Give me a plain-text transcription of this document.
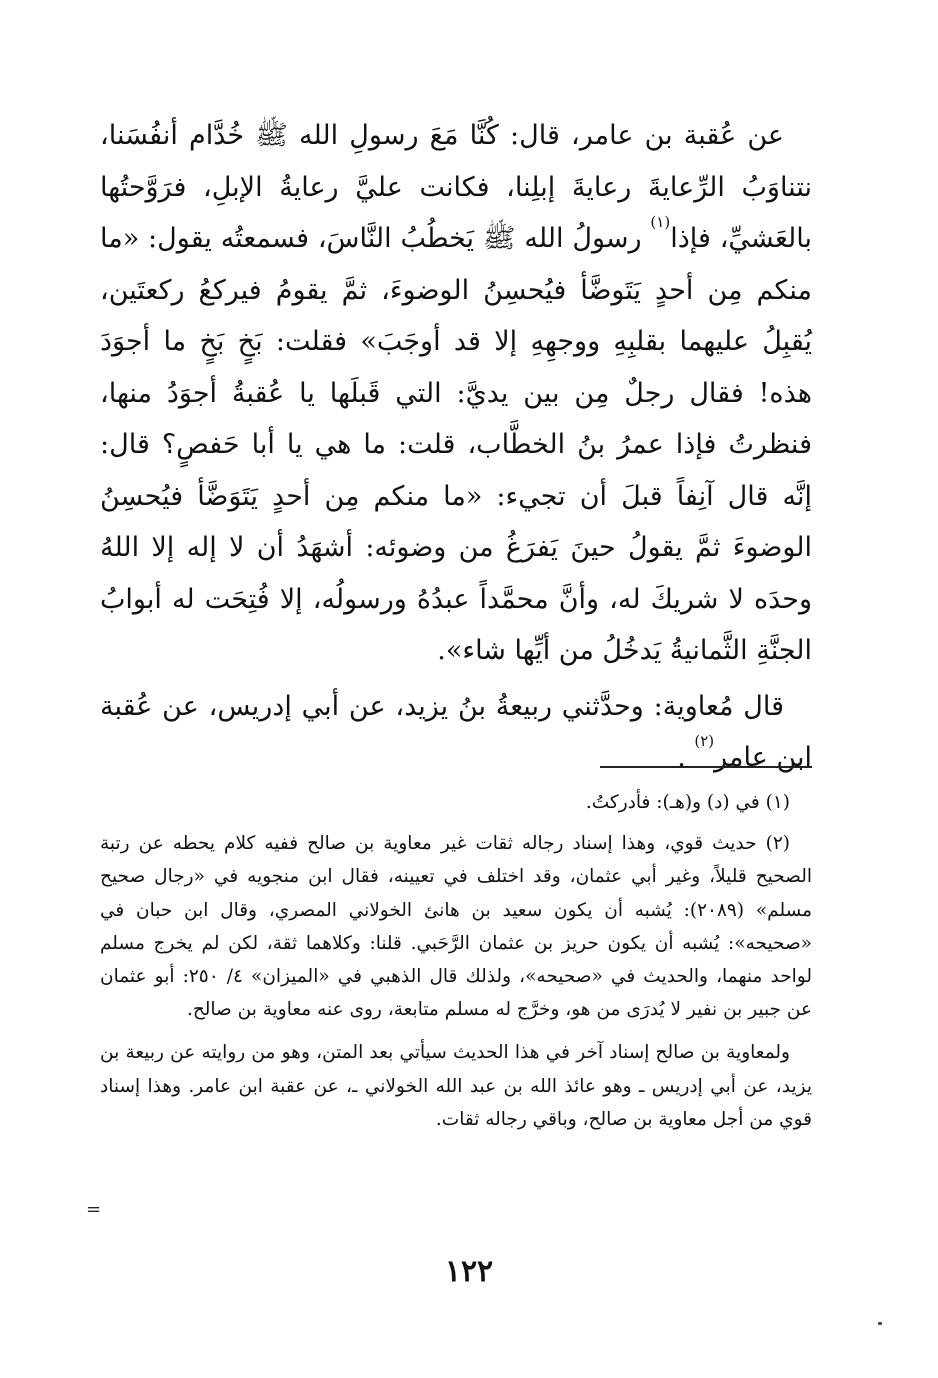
عن عُقبة بن عامر، قال: كُنَّا مَعَ رسولِ الله ﷺ خُدَّام أنفُسَنا، نتناوَبُ الرِّعايةَ رعايةَ إبلِنا، فكانت عليَّ رعايةُ الإبلِ، فرَوَّحتُها بالعَشيِّ، فإذا$^{(١)}$ رسولُ الله ﷺ يَخطُبُ النَّاسَ، فسمعتُه يقول: «ما منكم مِن أحدٍ يَتَوضَّأ فيُحسِنُ الوضوءَ، ثمَّ يقومُ فيركعُ ركعتَين، يُقبِلُ عليهما بقلبِهِ ووجهِهِ إلا قد أوجَبَ» فقلت: بَخٍ بَخٍ ما أجوَدَ هذه! فقال رجلٌ مِن بين يديَّ: التي قَبلَها يا عُقبةُ أجوَدُ منها، فنظرتُ فإذا عمرُ بنُ الخطَّاب، قلت: ما هي يا أبا حَفصٍ؟ قال: إنَّه قال آنِفاً قبلَ أن تجيء: «ما منكم مِن أحدٍ يَتَوَضَّأ فيُحسِنُ الوضوءَ ثمَّ يقولُ حينَ يَفرَغُ من وضوئه: أشهَدُ أن لا إله إلا اللهُ وحدَه لا شريكَ له، وأنَّ محمَّداً عبدُهُ ورسولُه، إلا فُتِحَت له أبوابُ الجنَّةِ الثَّمانيةُ يَدخُلُ من أيِّها شاء».

قال مُعاوية: وحدَّثني ربيعةُ بنُ يزيد، عن أبي إدريس، عن عُقبة ابن عامر$^{(٢)}$ .

(١) في (د) و(هـ): فأدركتُ.

(٢) حديث قوي، وهذا إسناد رجاله ثقات غير معاوية بن صالح ففيه كلام يحطه عن رتبة الصحيح قليلاً، وغير أبي عثمان، وقد اختلف في تعيينه، فقال ابن منجويه في «رجال صحيح مسلم» (٢٠٨٩): يُشبه أن يكون سعيد بن هانئ الخولاني المصري، وقال ابن حبان في «صحيحه»: يُشبه أن يكون حريز بن عثمان الرَّحَبي. قلنا: وكلاهما ثقة، لكن لم يخرج مسلم لواحد منهما، والحديث في «صحيحه»، ولذلك قال الذهبي في «الميزان» ٤/ ٢٥٠: أبو عثمان عن جبير بن نفير لا يُدرَى من هو، وخرَّج له مسلم متابعة، روى عنه معاوية بن صالح.

ولمعاوية بن صالح إسناد آخر في هذا الحديث سيأتي بعد المتن، وهو من روايته عن ربيعة بن يزيد، عن أبي إدريس ـ وهو عائذ الله بن عبد الله الخولاني ـ، عن عقبة ابن عامر. وهذا إسناد قوي من أجل معاوية بن صالح، وباقي رجاله ثقات.

=
١٢٢
